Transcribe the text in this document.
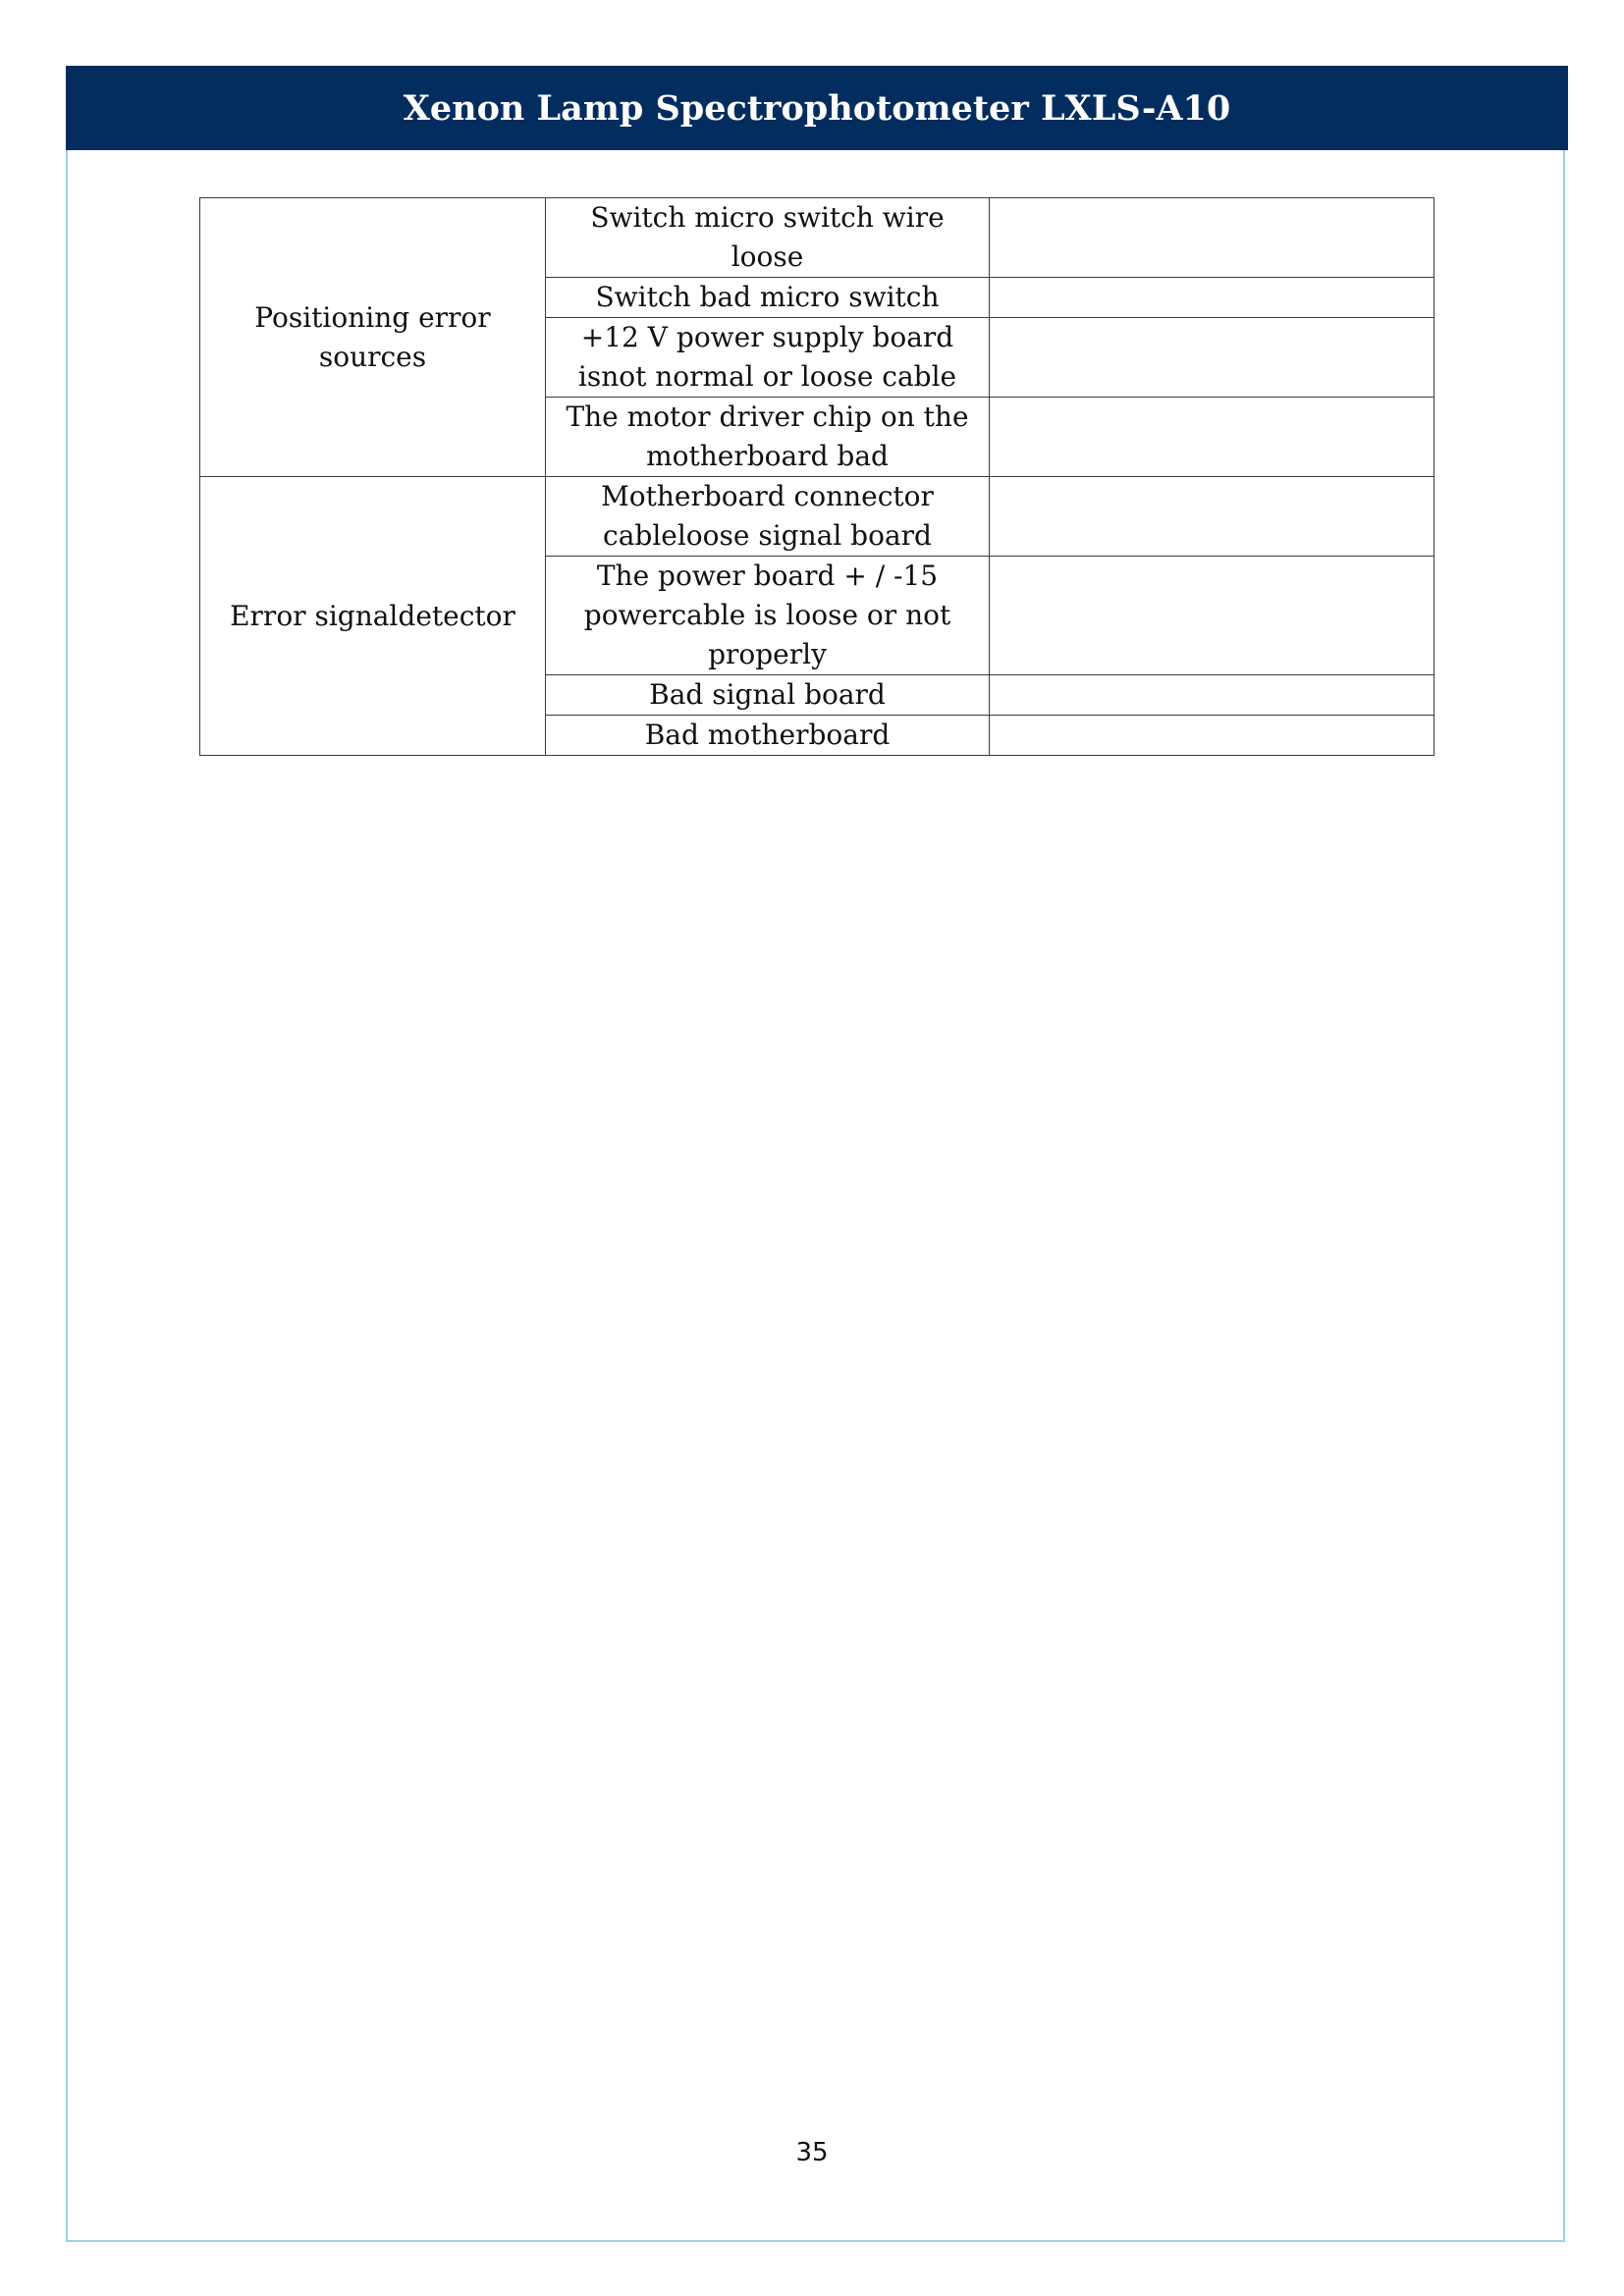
Xenon Lamp Spectrophotometer LXLS-A10
Positioning error sources	Switch micro switch wire loose	
	Switch bad micro switch	
	+12 V power supply board isnot normal or loose cable	
	The motor driver chip on the motherboard bad	
Error signaldetector	Motherboard connector cableloose signal board	
	The power board + / -15 powercable is loose or not properly	
	Bad signal board	
	Bad motherboard	
35
